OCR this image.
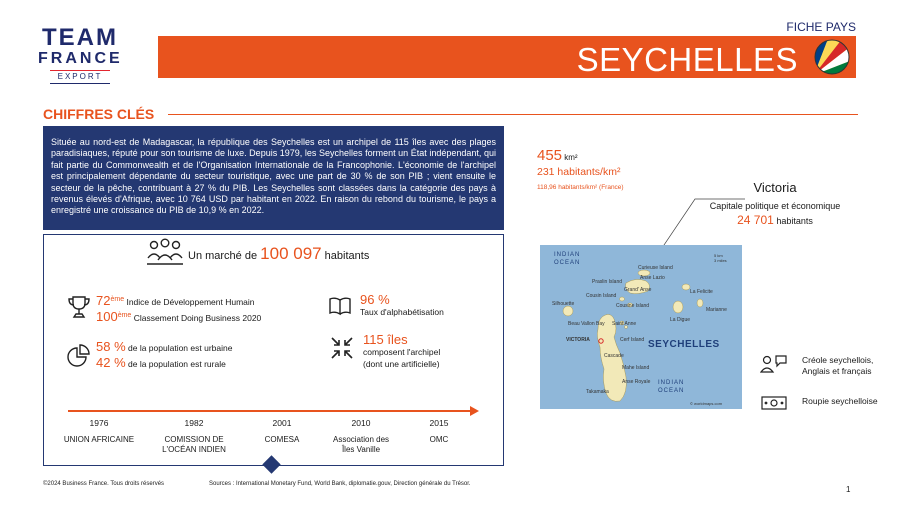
TEAM
FRANCE
EXPORT
FICHE PAYS
SEYCHELLES
CHIFFRES CLÉS
Située au nord-est de Madagascar, la république des Seychelles est un archipel de 115 îles avec des plages paradisiaques, réputé pour son tourisme de luxe. Depuis 1979, les Seychelles forment un État indépendant, qui fait partie du Commonwealth et de l'Organisation Internationale de la Francophonie. L'économie de l'archipel est principalement dépendante du secteur touristique, avec une part de 30 % de son PIB ; vient ensuite le secteur de la pêche, contribuant à 27 % du PIB. Les Seychelles sont classées dans la catégorie des pays à revenus élevés d'Afrique, avec 10 764 USD par habitant en 2022. En raison du rebond du tourisme, le pays a enregistré une croissance du PIB de 10,9 % en 2022.
Un marché de 100 097 habitants
72ème Indice de Développement Humain
100ème Classement Doing Business 2020
96 %
Taux d'alphabétisation
58 % de la population est urbaine
42 % de la population est rurale
115 îles
composent l'archipel
(dont une artificielle)
1976
UNION AFRICAINE
1982
COMISSION DE
L'OCÉAN INDIEN
2001
COMESA
2010
Association des
Îles Vanille
2015
OMC
©2024 Business France. Tous droits réservés	Sources : International Monetary Fund, World Bank, diplomatie.gouv, Direction générale du Trésor.
455 km²
231 habitants/km²
118,96 habitants/km² (France)	Victoria
Capitale politique et économique
24 701 habitants
INDIAN
OCEAN
INDIAN
OCEAN
SEYCHELLES
5 km
3 miles
© worldmaps.com
Curieuse Island
Anse Lazio
Praslin Island
Grand' Anse
Cousin Island
Cousine Island
La Felicite
Marianne
La Digue
Silhouette
Beau Vallon Bay Saint Anne
VICTORIA	Cerf Island
Cascade
Mahe Island
Anse Royale
Takamaka
Créole seychellois,
Anglais et français
Roupie seychelloise
1
